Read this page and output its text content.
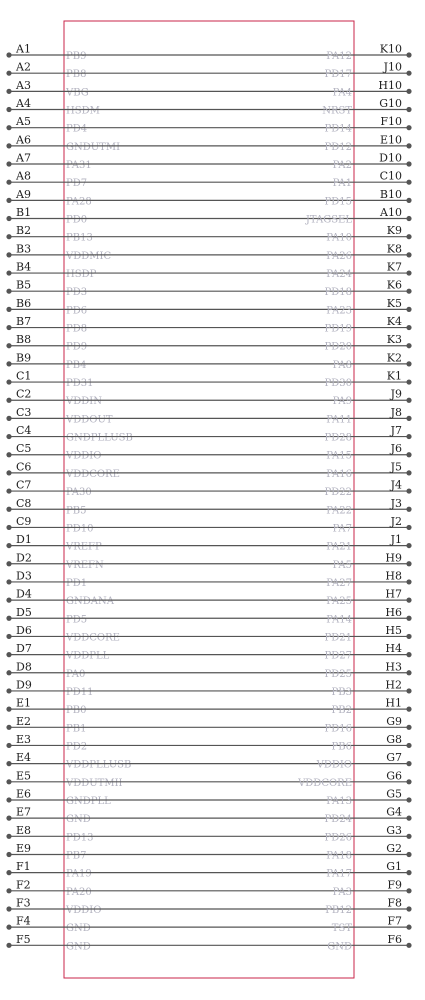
A1
PB9
A2
PB8
A3
VBG
A4
HSDM
A5
PD4
A6
GNDUTMI
A7
PA31
A8
PD7
A9
PA28
B1
PD0
B2
PB13
B3
VDDMIC
B4
HSDP
B5
PD3
B6
PD6
B7
PD8
B8
PD9
B9
PB4
C1
PD31
C2
VDDIN
C3
VDDOUT
C4
GNDPLLUSB
C5
VDDIO
C6
VDDCORE
C7
PA30
C8
PB5
C9
PD10
D1
VREFP
D2
VREFN
D3
PD1
D4
GNDANA
D5
PD5
D6
VDDCORE
D7
VDDPLL
D8
PA0
D9
PD11
E1
PB0
E2
PB1
E3
PD2
E4
VDDPLLUSB
E5
VDDUTMII
E6
GNDPLL
E7
GND
E8
PD13
E9
PB7
F1
PA19
F2
PA20
F3
VDDIO
F4
GND
F5
GND
K10
PA12
J10
PD17
H10
PA4
G10
NRST
F10
PD14
E10
PD12
D10
PA2
C10
PA1
B10
PD15
A10
JTAGSEL
K9
PA10
K8
PA26
K7
PA24
K6
PD18
K5
PA23
K4
PD19
K3
PD20
K2
PA8
K1
PD30
J9
PA9
J8
PA11
J7
PD28
J6
PA15
J5
PA16
J4
PD22
J3
PA22
J2
PA7
J1
PA21
H9
PA5
H8
PA27
H7
PA25
H6
PA14
H5
PD21
H4
PD27
H3
PD25
H2
PB3
H1
PB2
G9
PD16
G8
PB6
G7
VDDIO
G6
VDDCORE
G5
PA13
G4
PD24
G3
PD26
G2
PA18
G1
PA17
F9
PA3
F8
PB12
F7
TST
F6
GND
